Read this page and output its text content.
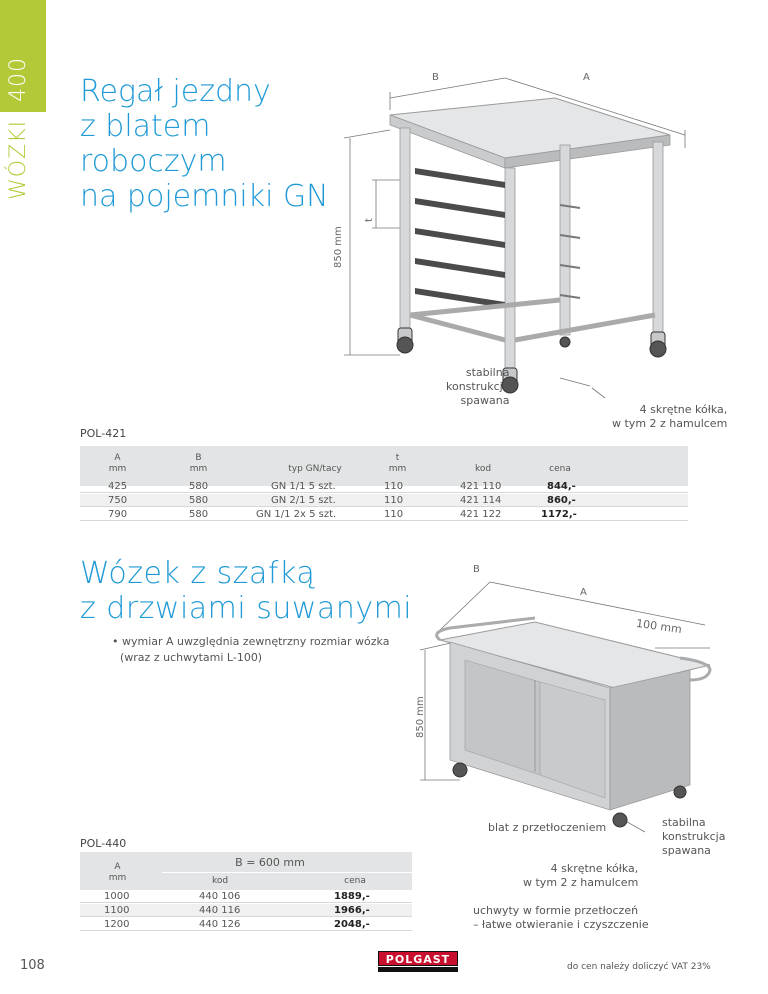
WÓZKI400 Regał jezdny
z blatem
roboczym
na pojemniki GN
B	A
t
850 mm
stabilna
konstrukcja
spawana
4 skrętne kółka,
w tym 2 z hamulcem
POL-421
A
mm
B
mm	typ GN/tacy
t
mm	kod	cena
425	580	GN 1/1 5 szt.	110	421 110	844,-
750	580	GN 2/1 5 szt.	110	421 114	860,-
790	580	GN 1/1 2x 5 szt.	110	421 122	1172,-
Wózek z szafką
z drzwiami suwanymi
• wymiar A uwzględnia zewnętrzny rozmiar wózka
(wraz z uchwytami L-100)
B
A
100 mm
850 mm
blat z przetłoczeniem	stabilna
konstrukcja
spawana
4 skrętne kółka,
w tym 2 z hamulcem
uchwyty w formie przetłoczeń
– łatwe otwieranie i czyszczenie
POL-440
A
mm
B = 600 mm
kod	cena
1000	440 106	1889,-
1100	440 116	1966,-
1200	440 126	2048,-
108	POLGAST
do cen należy doliczyć VAT 23%
